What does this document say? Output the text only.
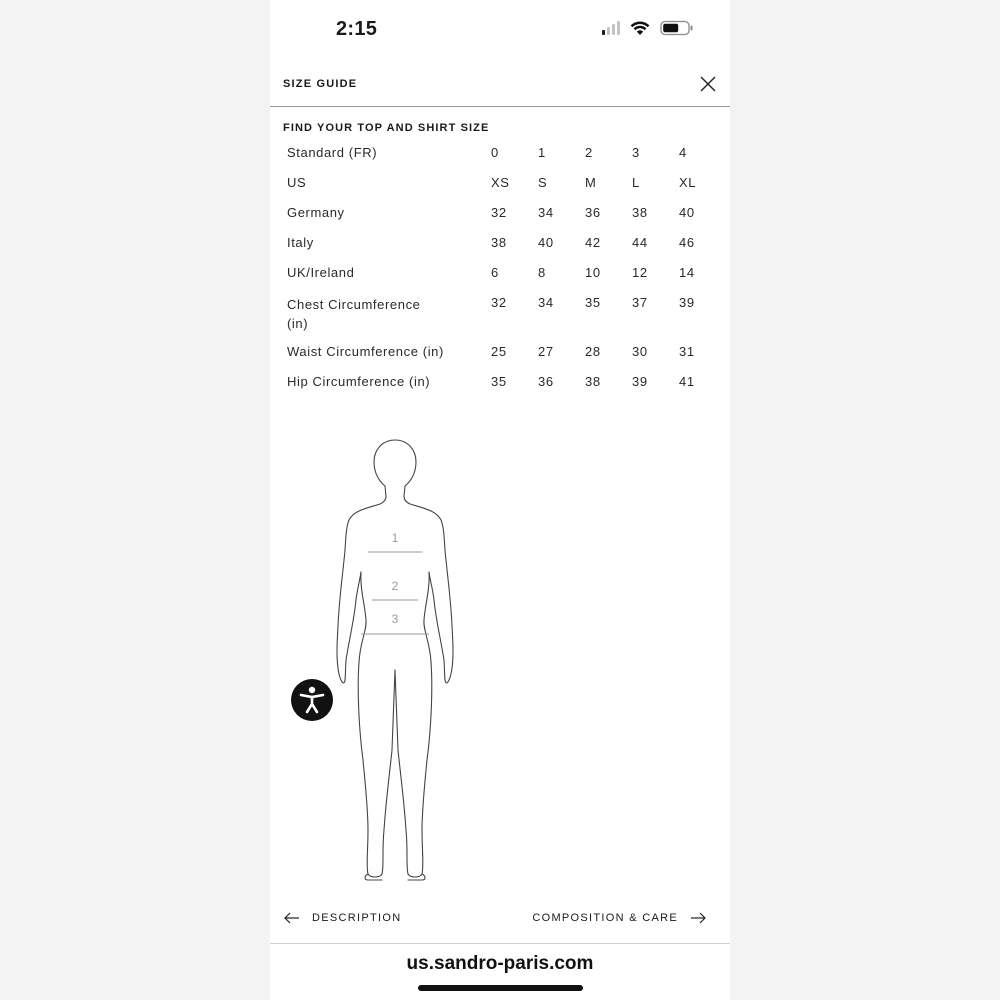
2:15
SIZE GUIDE
FIND YOUR TOP AND SHIRT SIZE
Standard (FR)	0	1	2	3	4
US	XS	S	M	L	XL
Germany	32	34	36	38	40
Italy	38	40	42	44	46
UK/Ireland	6	8	10	12	14
Chest Circumference (in)	32	34	35	37	39
Waist Circumference (in)	25	27	28	30	31
Hip Circumference (in)	35	36	38	39	41
1
2
3
DESCRIPTION	COMPOSITION & CARE
us.sandro-paris.com
